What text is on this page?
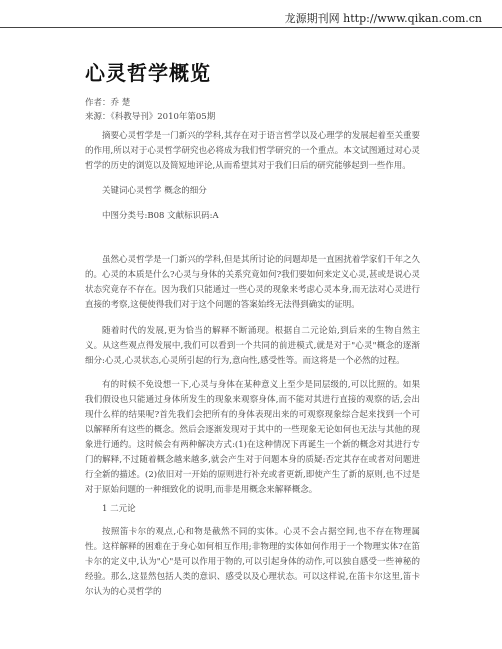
龙源期刊网 http://www.qikan.com.cn
心灵哲学概览
作者：乔 楚
来源：《科教导刊》2010年第05期

摘要心灵哲学是一门新兴的学科,其存在对于语言哲学以及心理学的发展起着至关重要的作用,所以对于心灵哲学研究也必将成为我们哲学研究的一个重点。本文试图通过对心灵哲学的历史的浏览以及简短地评论,从而希望其对于我们日后的研究能够起到一些作用。

关键词心灵哲学 概念的细分
中图分类号:B08 文献标识码:A

虽然心灵哲学是一门新兴的学科,但是其所讨论的问题却是一直困扰着学家们千年之久的。心灵的本质是什么?心灵与身体的关系究竟如何?我们要如何来定义心灵,甚或是说心灵状态究竟存不存在。因为我们只能通过一些心灵的现象来考虑心灵本身,而无法对心灵进行直接的考察,这便使得我们对于这个问题的答案始终无法得到确实的证明。

随着时代的发展,更为恰当的解释不断涌现。根据自二元论始,到后来的生物自然主义。从这些观点得发展中,我们可以看到一个共同的前进模式,就是对于"心灵"概念的逐渐细分:心灵,心灵状态,心灵所引起的行为,意向性,感受性等。而这将是一个必然的过程。

有的时候不免设想一下,心灵与身体在某种意义上至少是同层级的,可以比照的。如果我们假设也只能通过身体所发生的现象来观察身体,而不能对其进行直接的观察的话,会出现什么样的结果呢?首先我们会把所有的身体表现出来的可观察现象综合起来找到一个可以解释所有这些的概念。然后会逐渐发现对于其中的一些现象无论如何也无法与其他的现象进行通约。这时候会有两种解决方式:(1)在这种情况下再诞生一个新的概念对其进行专门的解释,不过随着概念越来越多,就会产生对于问题本身的质疑:否定其存在或者对问题进行全新的描述。(2)依旧对一开始的原则进行补充或者更新,即使产生了新的原则,也不过是对于原始问题的一种细致化的说明,而非是用概念来解释概念。

1 二元论

按照笛卡尔的观点,心和物是截然不同的实体。心灵不会占据空间,也不存在物理属性。这样解释的困难在于身心如何相互作用;非物理的实体如何作用于一个物理实体?在笛卡尔的定义中,认为"心"是可以作用于物的,可以引起身体的动作,可以独自感受一些神秘的经验。那么,这显然包括人类的意识、感受以及心理状态。可以这样说,在笛卡尔这里,笛卡尔认为的心灵哲学的
